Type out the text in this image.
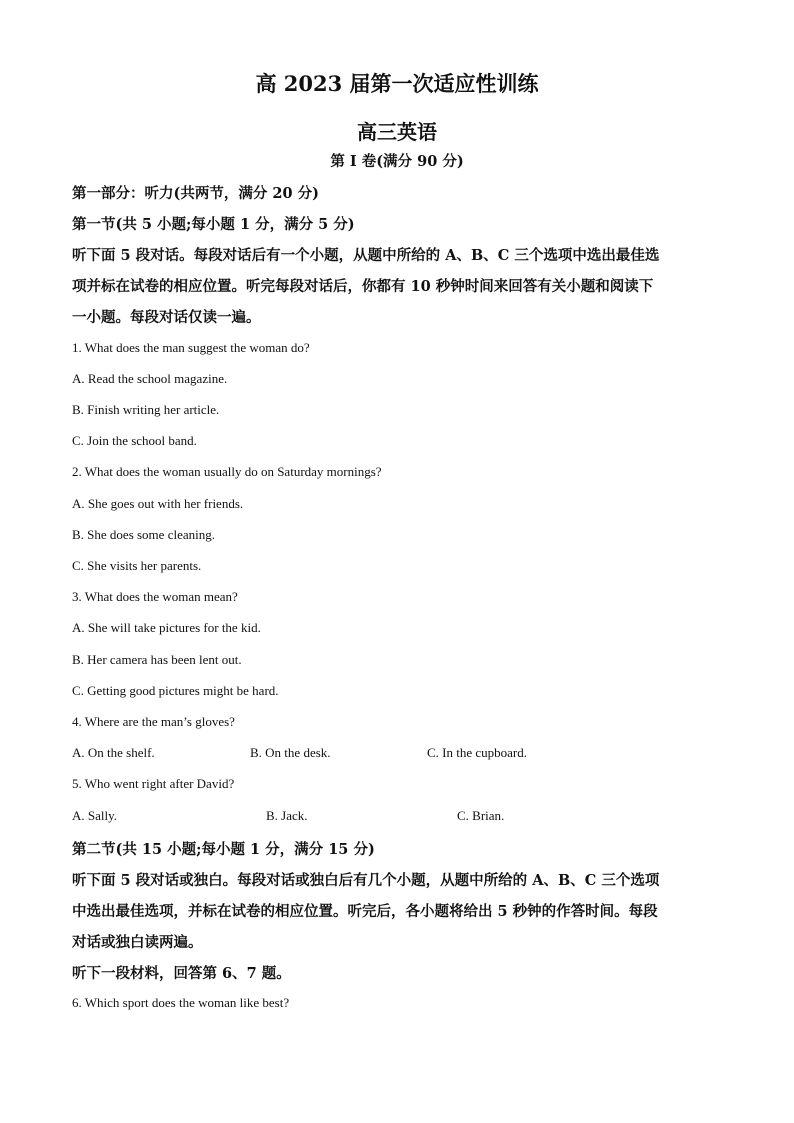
高 2023 届第一次适应性训练
高三英语
第 I 卷(满分 90 分)
第一部分：听力(共两节，满分 20 分)
第一节(共 5 小题;每小题 1 分，满分 5 分)
听下面 5 段对话。每段对话后有一个小题，从题中所给的 A、B、C 三个选项中选出最佳选
项并标在试卷的相应位置。听完每段对话后，你都有 10 秒钟时间来回答有关小题和阅读下
一小题。每段对话仅读一遍。
1. What does the man suggest the woman do?
A. Read the school magazine.
B. Finish writing her article.
C. Join the school band.
2. What does the woman usually do on Saturday mornings?
A. She goes out with her friends.
B. She does some cleaning.
C. She visits her parents.
3. What does the woman mean?
A. She will take pictures for the kid.
B. Her camera has been lent out.
C. Getting good pictures might be hard.
4. Where are the man’s gloves?
A. On the shelf.	B. On the desk.	C. In the cupboard.
5. Who went right after David?
A. Sally.	B. Jack.	C. Brian.
第二节(共 15 小题;每小题 1 分，满分 15 分)
听下面 5 段对话或独白。每段对话或独白后有几个小题，从题中所给的 A、B、C 三个选项
中选出最佳选项，并标在试卷的相应位置。听完后，各小题将给出 5 秒钟的作答时间。每段
对话或独白读两遍。
听下一段材料，回答第 6、7 题。
6. Which sport does the woman like best?
